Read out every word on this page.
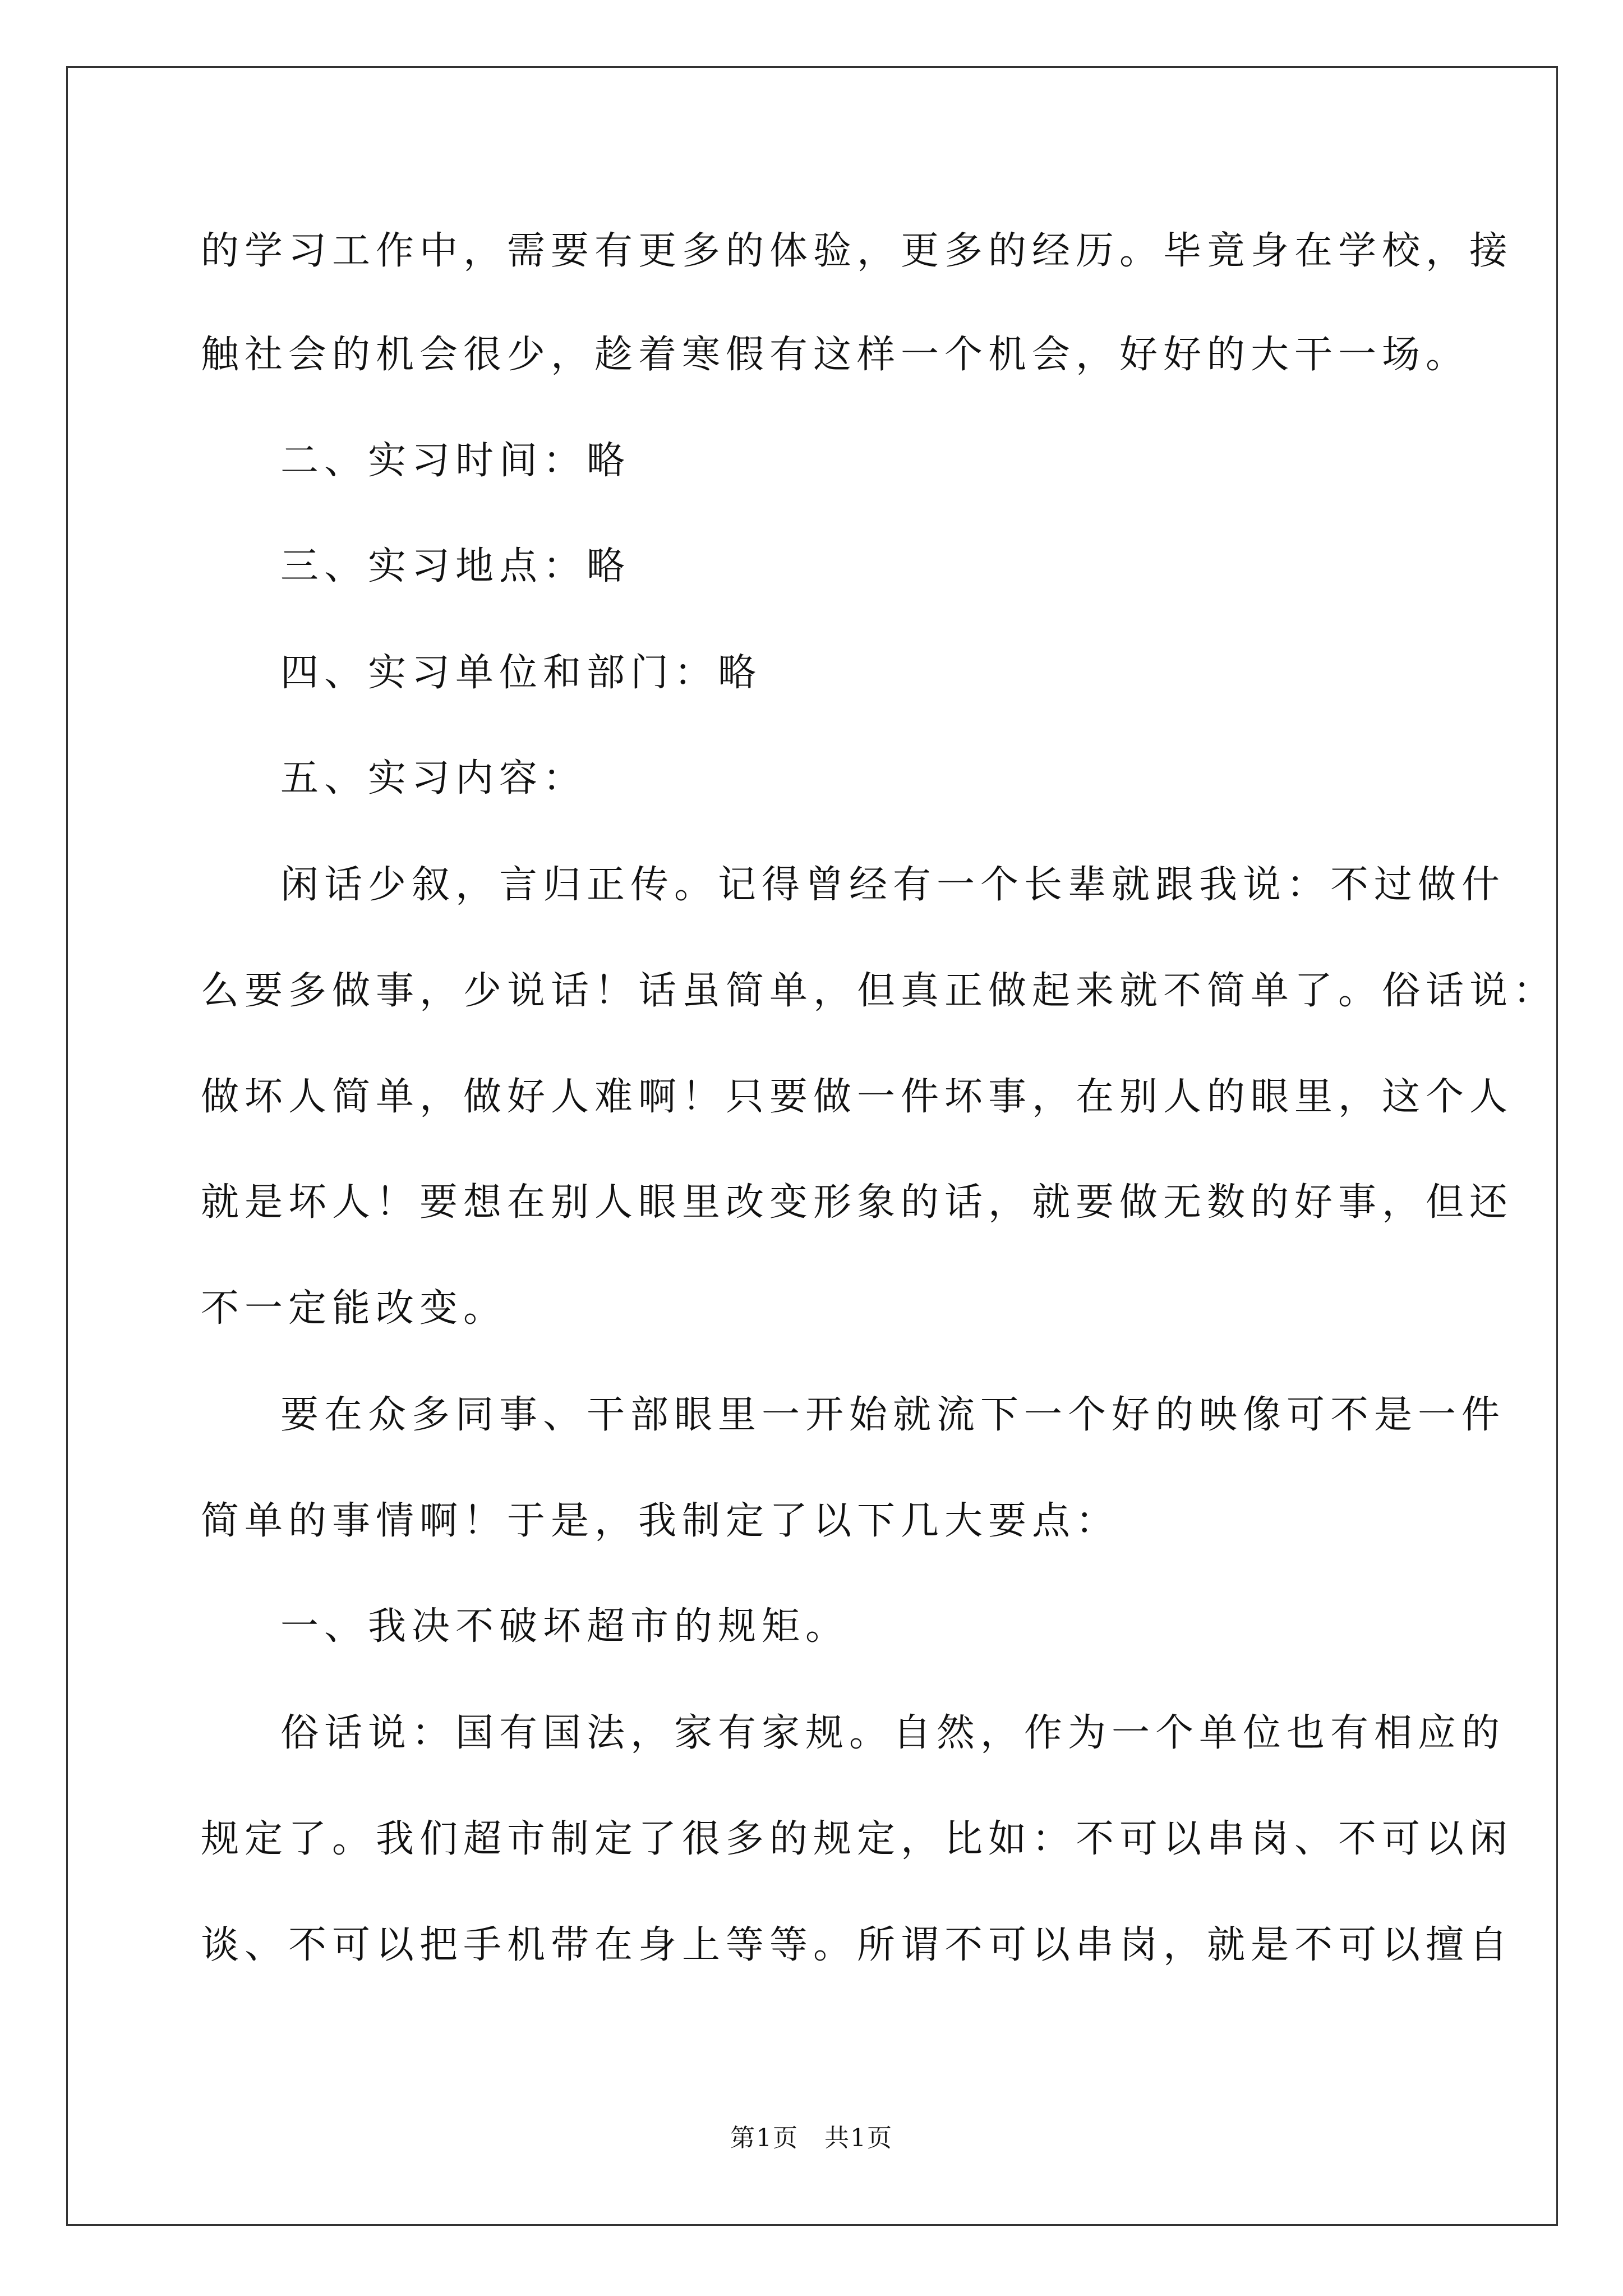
的学习工作中，需要有更多的体验，更多的经历。毕竟身在学校，接
触社会的机会很少，趁着寒假有这样一个机会，好好的大干一场。
二、实习时间：略
三、实习地点：略
四、实习单位和部门：略
五、实习内容：
闲话少叙，言归正传。记得曾经有一个长辈就跟我说：不过做什
么要多做事，少说话！话虽简单，但真正做起来就不简单了。俗话说：
做坏人简单，做好人难啊！只要做一件坏事，在别人的眼里，这个人
就是坏人！要想在别人眼里改变形象的话，就要做无数的好事，但还
不一定能改变。
要在众多同事、干部眼里一开始就流下一个好的映像可不是一件
简单的事情啊！于是，我制定了以下几大要点：
一、我决不破坏超市的规矩。
俗话说：国有国法，家有家规。自然，作为一个单位也有相应的
规定了。我们超市制定了很多的规定，比如：不可以串岗、不可以闲
谈、不可以把手机带在身上等等。所谓不可以串岗，就是不可以擅自
第1页　共1页
